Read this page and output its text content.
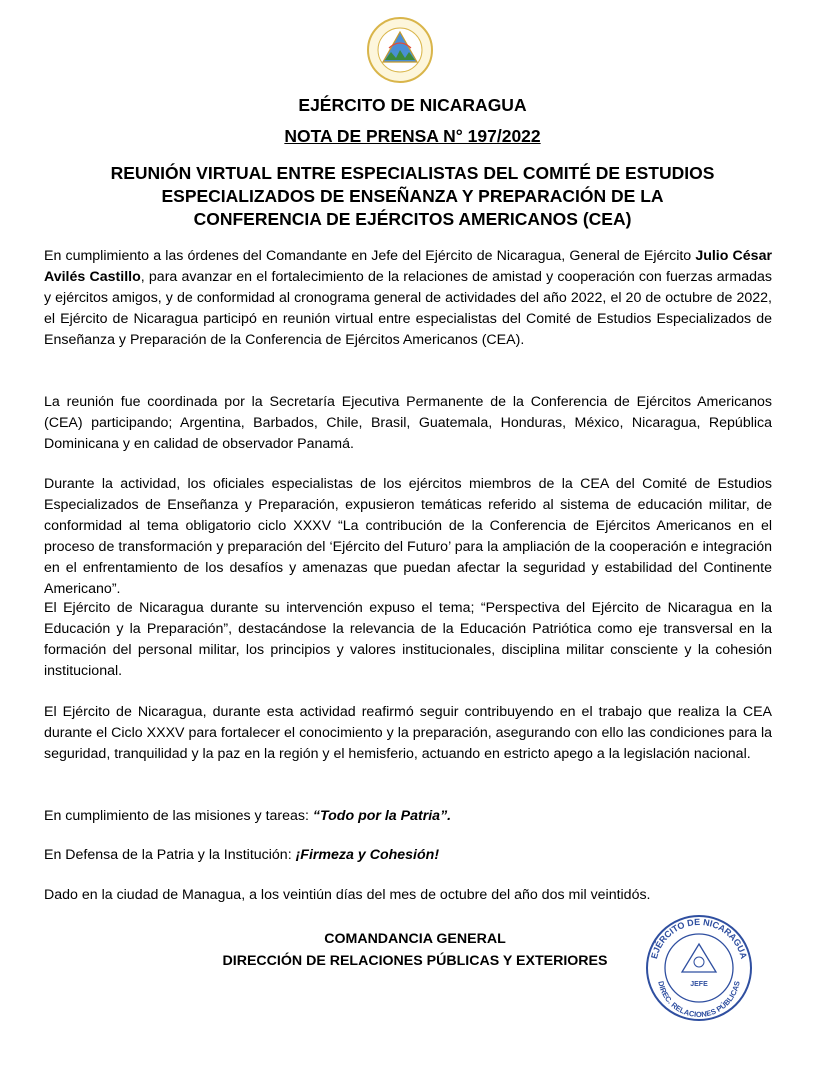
EJÉRCITO DE NICARAGUA
NOTA DE PRENSA N° 197/2022
REUNIÓN VIRTUAL ENTRE ESPECIALISTAS DEL COMITÉ DE ESTUDIOS
ESPECIALIZADOS DE ENSEÑANZA Y PREPARACIÓN DE LA
CONFERENCIA DE EJÉRCITOS AMERICANOS (CEA)

En cumplimiento a las órdenes del Comandante en Jefe del Ejército de Nicaragua, General de Ejército Julio César Avilés Castillo, para avanzar en el fortalecimiento de la relaciones de amistad y cooperación con fuerzas armadas y ejércitos amigos, y de conformidad al cronograma general de actividades del año 2022, el 20 de octubre de 2022, el Ejército de Nicaragua participó en reunión virtual entre especialistas del Comité de Estudios Especializados de Enseñanza y Preparación de la Conferencia de Ejércitos Americanos (CEA).

La reunión fue coordinada por la Secretaría Ejecutiva Permanente de la Conferencia de Ejércitos Americanos (CEA) participando; Argentina, Barbados, Chile, Brasil, Guatemala, Honduras, México, Nicaragua, República Dominicana y en calidad de observador Panamá.

Durante la actividad, los oficiales especialistas de los ejércitos miembros de la CEA del Comité de Estudios Especializados de Enseñanza y Preparación, expusieron temáticas referido al sistema de educación militar, de conformidad al tema obligatorio ciclo XXXV “La contribución de la Conferencia de Ejércitos Americanos en el proceso de transformación y preparación del ‘Ejército del Futuro’ para la ampliación de la cooperación e integración en el enfrentamiento de los desafíos y amenazas que puedan afectar la seguridad y estabilidad del Continente Americano”.

El Ejército de Nicaragua durante su intervención expuso el tema; “Perspectiva del Ejército de Nicaragua en la Educación y la Preparación”, destacándose la relevancia de la Educación Patriótica como eje transversal en la formación del personal militar, los principios y valores institucionales, disciplina militar consciente y la cohesión institucional.

El Ejército de Nicaragua, durante esta actividad reafirmó seguir contribuyendo en el trabajo que realiza la CEA durante el Ciclo XXXV para fortalecer el conocimiento y la preparación, asegurando con ello las condiciones para la seguridad, tranquilidad y la paz en la región y el hemisferio, actuando en estricto apego a la legislación nacional.

En cumplimiento de las misiones y tareas: “Todo por la Patria”.

En Defensa de la Patria y la Institución: ¡Firmeza y Cohesión!

Dado en la ciudad de Managua, a los veintiún días del mes de octubre del año dos mil veintidós.

COMANDANCIA GENERAL
DIRECCIÓN DE RELACIONES PÚBLICAS Y EXTERIORES	EJÉRCITO DE NICARAGUA
DIREC. RELACIONES PÚBLICAS
JEFE
